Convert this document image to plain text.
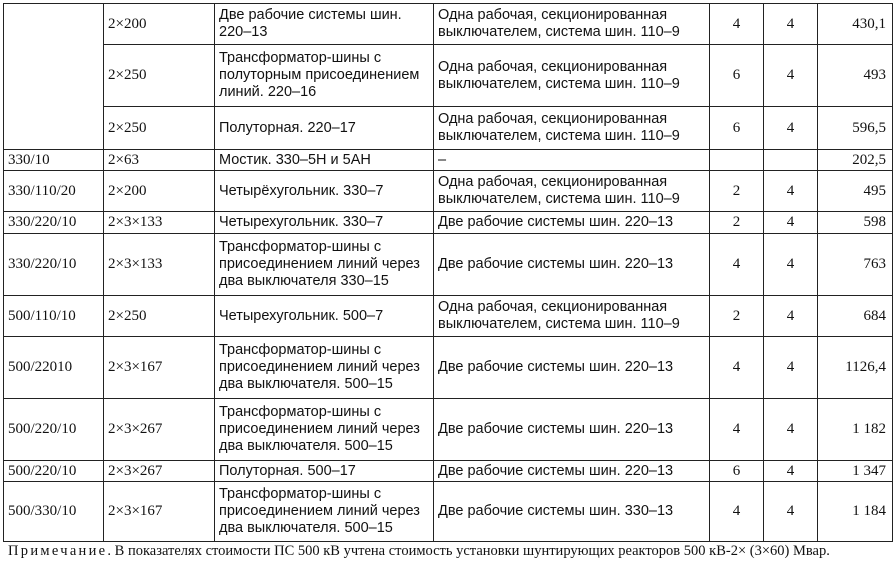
	2×200	Две рабочие системы шин. 220–13	Одна рабочая, секционированная выключателем, система шин. 110–9	4	4	430,1
	2×250	Трансформатор-шины с полуторным присоединением линий. 220–16	Одна рабочая, секционированная выключателем, система шин. 110–9	6	4	493
	2×250	Полуторная. 220–17	Одна рабочая, секционированная выключателем, система шин. 110–9	6	4	596,5
330/10	2×63	Мостик. 330–5Н и 5АН	–			202,5
330/110/20	2×200	Четырёхугольник. 330–7	Одна рабочая, секционированная выключателем, система шин. 110–9	2	4	495
330/220/10	2×3×133	Четырехугольник. 330–7	Две рабочие системы шин. 220–13	2	4	598
330/220/10	2×3×133	Трансформатор-шины с присоединением линий через два выключателя 330–15	Две рабочие системы шин. 220–13	4	4	763
500/110/10	2×250	Четырехугольник. 500–7	Одна рабочая, секционированная выключателем, система шин. 110–9	2	4	684
500/22010	2×3×167	Трансформатор-шины с присоединением линий через два выключателя. 500–15	Две рабочие системы шин. 220–13	4	4	1126,4
500/220/10	2×3×267	Трансформатор-шины с присоединением линий через два выключателя. 500–15	Две рабочие системы шин. 220–13	4	4	1 182
500/220/10	2×3×267	Полуторная. 500–17	Две рабочие системы шин. 220–13	6	4	1 347
500/330/10	2×3×167	Трансформатор-шины с присоединением линий через два выключателя. 500–15	Две рабочие системы шин. 330–13	4	4	1 184
Примечание. В показателях стоимости ПС 500 кВ учтена стоимость установки шунтирующих реакторов 500 кВ-2× (3×60) Мвар.
